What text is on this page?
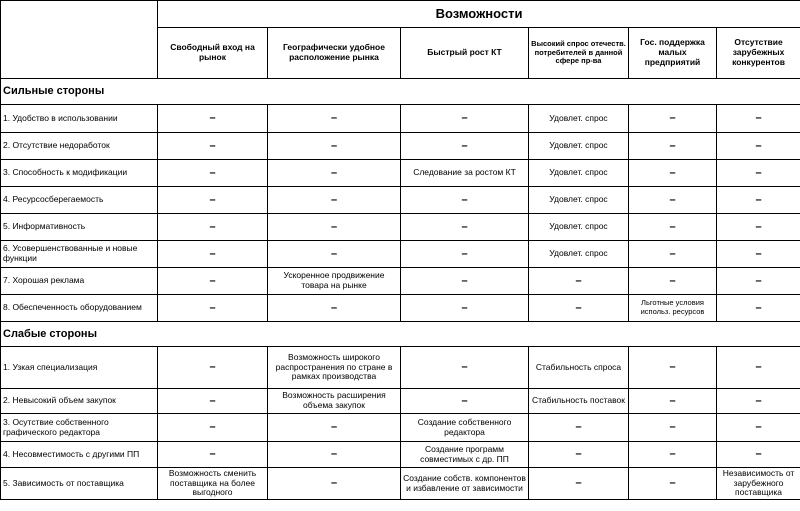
	Возможности					
	Свободный вход на рынок	Географически удобное расположение рынка	Быстрый рост КТ	Высокий спрос отечеств. потребителей в данной сфере пр-ва	Гос. поддержка малых предприятий	Отсутствие зарубежных конкурентов
Сильные стороны						
1. Удобство в использовании	–	–	–	Удовлет. спрос	–	–
2. Отсутствие недоработок	–	–	–	Удовлет. спрос	–	–
3. Способность к модификации	–	–	Следование за ростом КТ	Удовлет. спрос	–	–
4. Ресурсосберегаемость	–	–	–	Удовлет. спрос	–	–
5. Информативность	–	–	–	Удовлет. спрос	–	–
6. Усовершенствованные и новые функции	–	–	–	Удовлет. спрос	–	–
7. Хорошая реклама	–	Ускоренное продвижение товара на рынке	–	–	–	–
8. Обеспеченность оборудованием	–	–	–	–	Льготные условия использ. ресурсов	–
Слабые стороны						
1. Узкая специализация	–	Возможность широкого распространения по стране в рамках производства	–	Стабильность спроса	–	–
2. Невысокий объем закупок	–	Возможность расширения объема закупок	–	Стабильность поставок	–	–
3. Осутствие собственного графического редактора	–	–	Создание собственного редактора	–	–	–
4. Несовместимость с другими ПП	–	–	Создание программ совместимых с др. ПП	–	–	–
5. Зависимость от поставщика	Возможность сменить поставщика на более выгодного	–	Создание собств. компонентов и избавление от зависимости	–	–	Независимость от зарубежного поставщика
